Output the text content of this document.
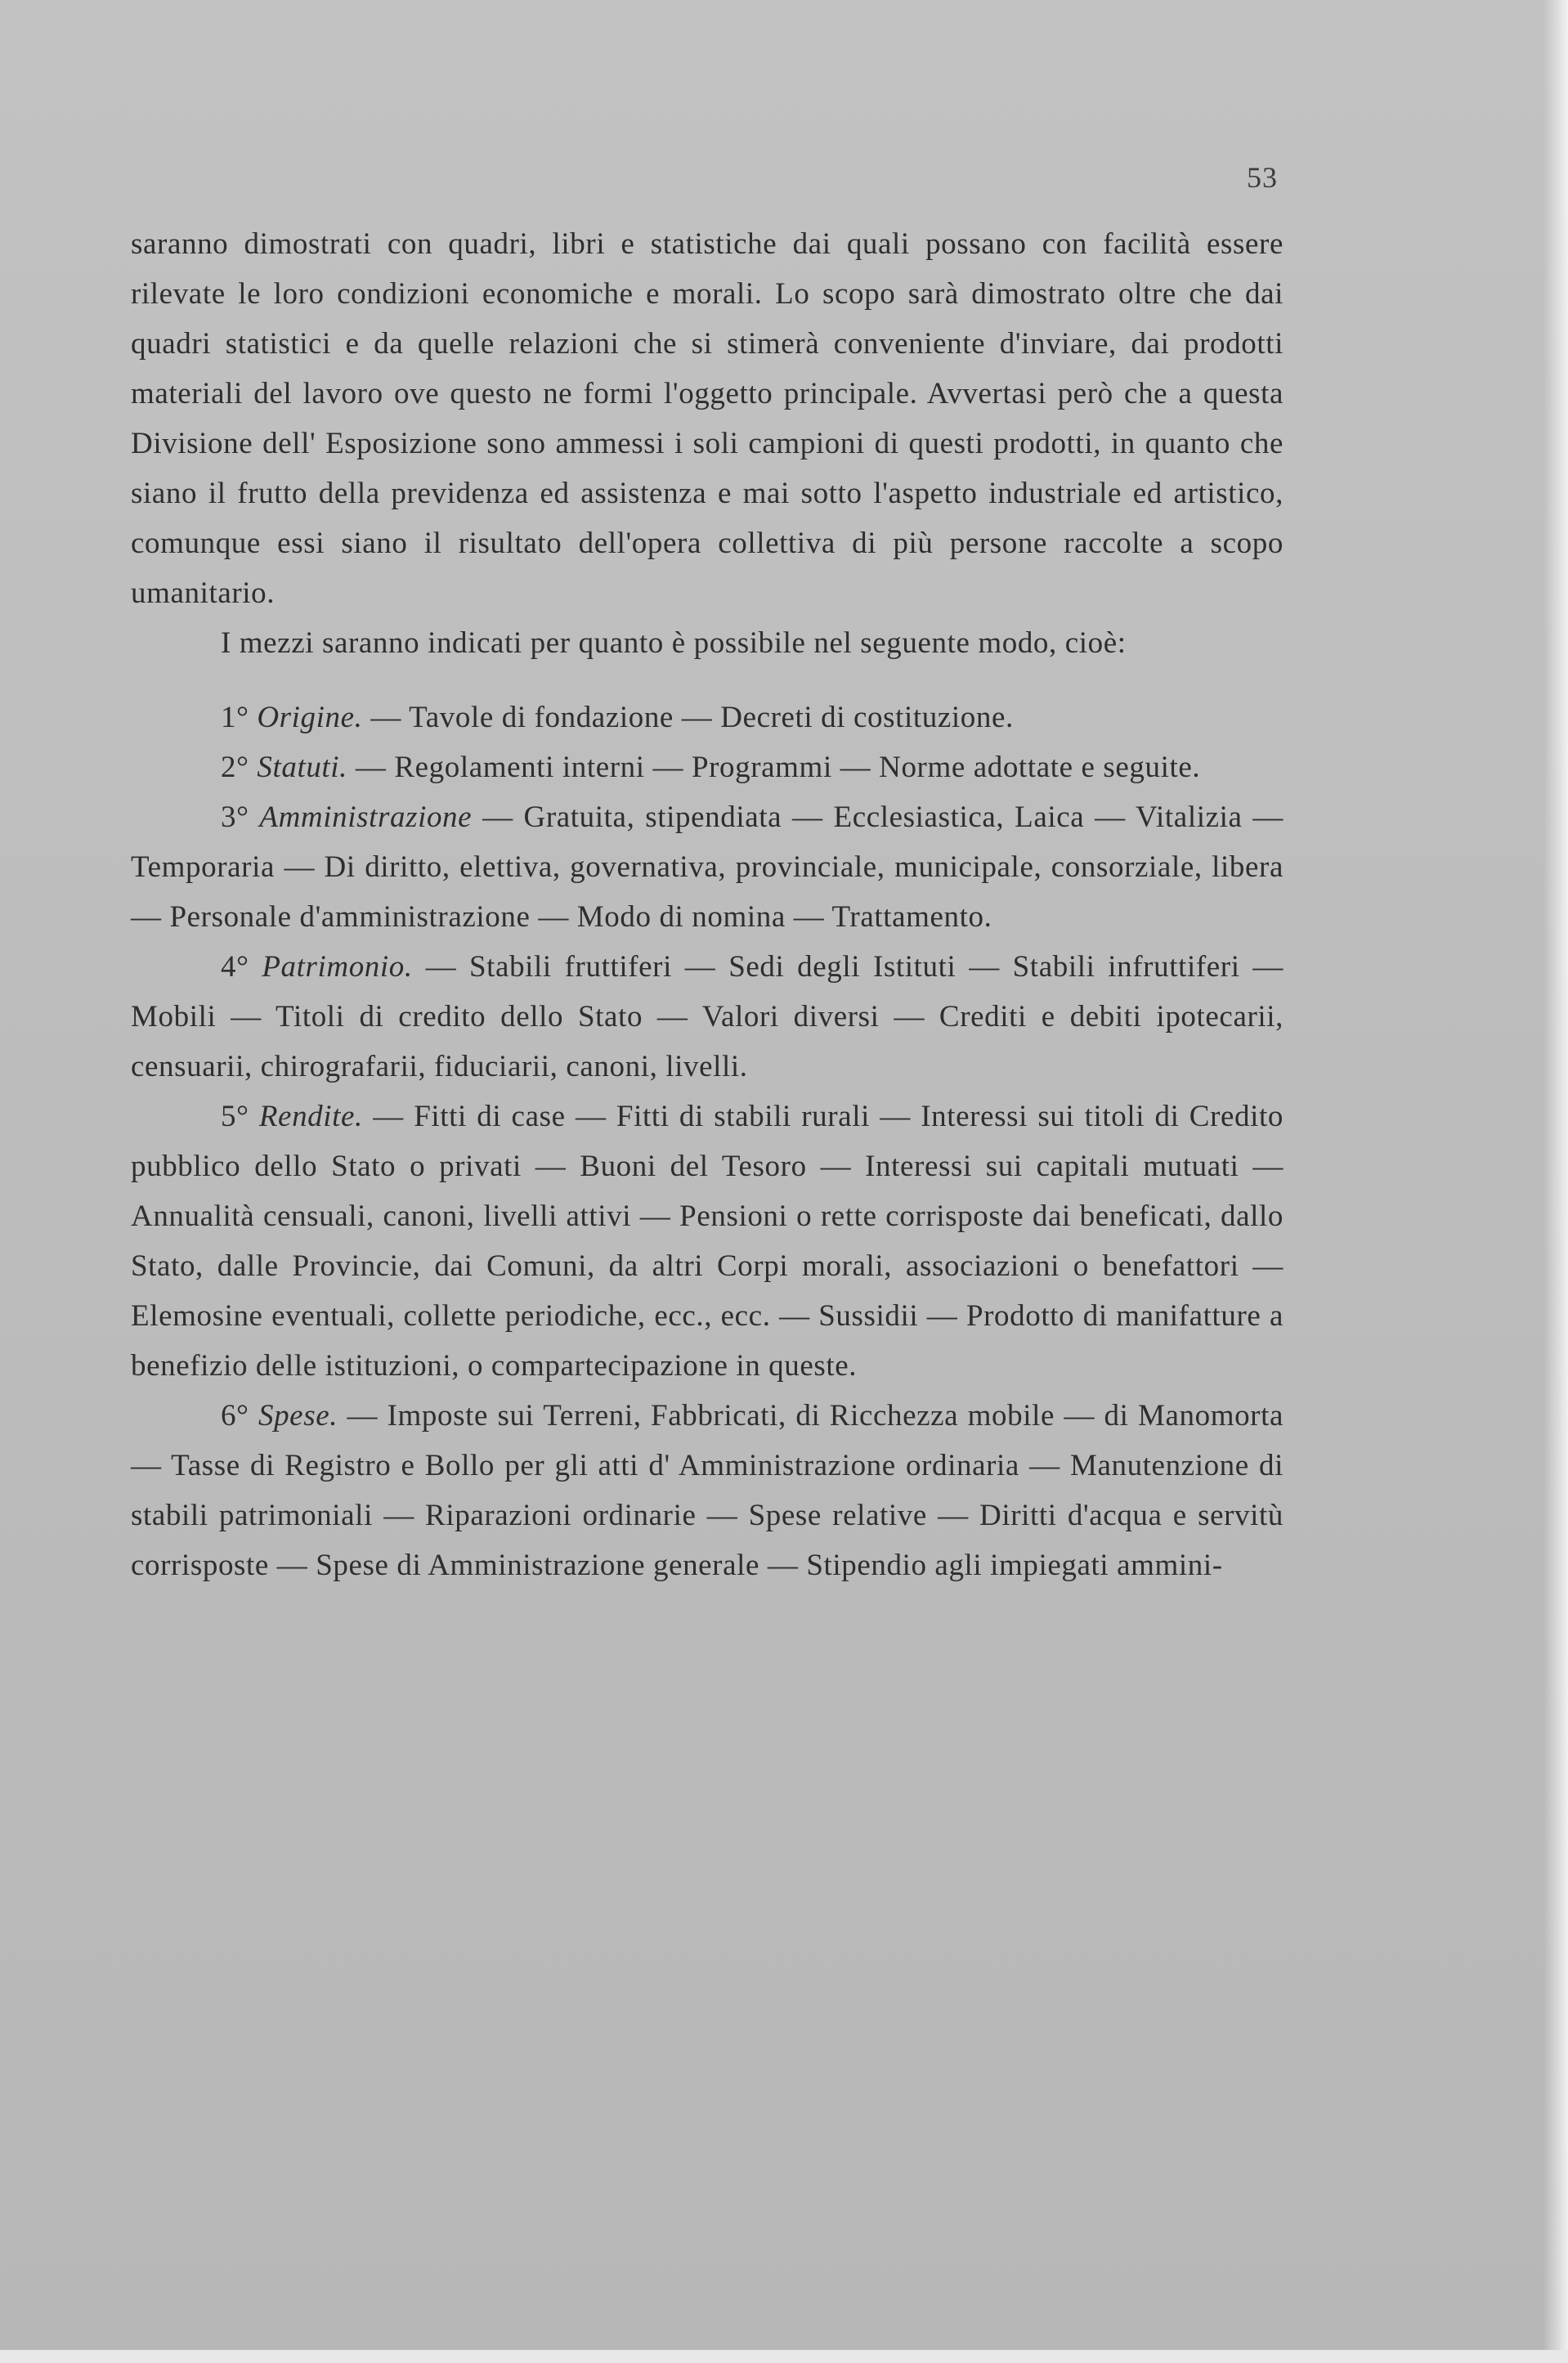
53

saranno dimostrati con quadri, libri e statistiche dai quali possano con facilità essere rilevate le loro condizioni economiche e morali. Lo scopo sarà dimostrato oltre che dai quadri statistici e da quelle relazioni che si stimerà conveniente d'inviare, dai prodotti materiali del lavoro ove questo ne formi l'oggetto principale. Avvertasi però che a questa Divisione dell' Esposizione sono ammessi i soli campioni di questi prodotti, in quanto che siano il frutto della previdenza ed assistenza e mai sotto l'aspetto industriale ed artistico, comunque essi siano il risultato dell'opera collettiva di più persone raccolte a scopo umanitario.

I mezzi saranno indicati per quanto è possibile nel seguente modo, cioè:

1° Origine. — Tavole di fondazione — Decreti di costituzione.

2° Statuti. — Regolamenti interni — Programmi — Norme adottate e seguite.

3° Amministrazione — Gratuita, stipendiata — Ecclesiastica, Laica — Vitalizia — Temporaria — Di diritto, elettiva, governativa, provinciale, municipale, consorziale, libera — Personale d'amministrazione — Modo di nomina — Trattamento.

4° Patrimonio. — Stabili fruttiferi — Sedi degli Istituti — Stabili infruttiferi — Mobili — Titoli di credito dello Stato — Valori diversi — Crediti e debiti ipotecarii, censuarii, chirografarii, fiduciarii, canoni, livelli.

5° Rendite. — Fitti di case — Fitti di stabili rurali — Interessi sui titoli di Credito pubblico dello Stato o privati — Buoni del Tesoro — Interessi sui capitali mutuati — Annualità censuali, canoni, livelli attivi — Pensioni o rette corrisposte dai beneficati, dallo Stato, dalle Provincie, dai Comuni, da altri Corpi morali, associazioni o benefattori — Elemosine eventuali, collette periodiche, ecc., ecc. — Sussidii — Prodotto di manifatture a benefizio delle istituzioni, o compartecipazione in queste.

6° Spese. — Imposte sui Terreni, Fabbricati, di Ricchezza mobile — di Manomorta — Tasse di Registro e Bollo per gli atti d' Amministrazione ordinaria — Manutenzione di stabili patrimoniali — Riparazioni ordinarie — Spese relative — Diritti d'acqua e servitù corrisposte — Spese di Amministrazione generale — Stipendio agli impiegati ammini-
